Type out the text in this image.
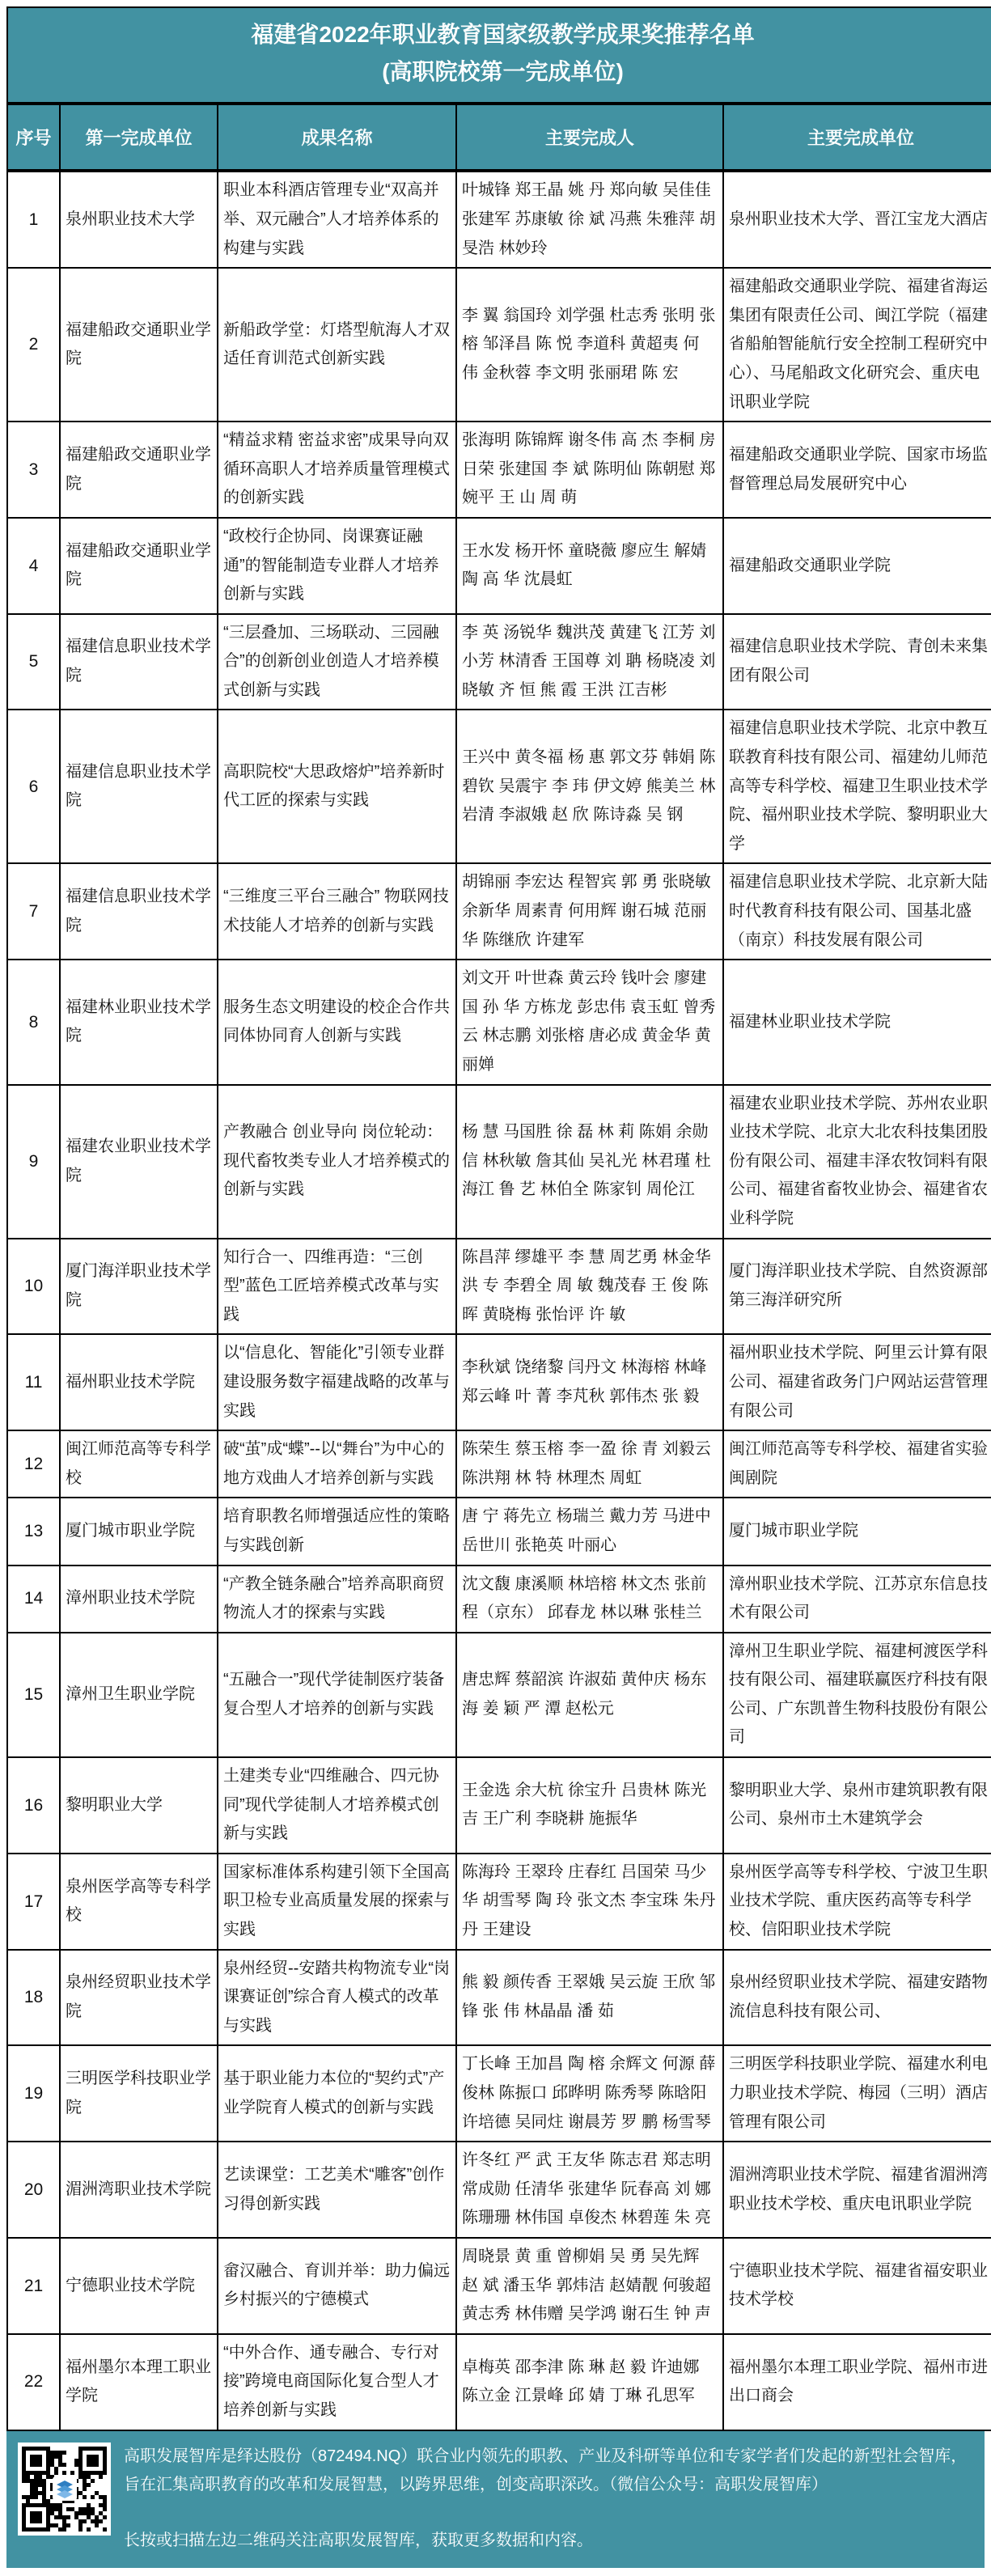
福建省2022年职业教育国家级教学成果奖推荐名单
(高职院校第一完成单位)				

序号	第一完成单位	成果名称	主要完成人	主要完成单位
1	泉州职业技术大学	职业本科酒店管理专业“双高并举、双元融合”人才培养体系的构建与实践	叶城锋 郑王晶 姚 丹 郑向敏 吴佳佳 张建军 苏康敏 徐 斌 冯燕 朱雅萍 胡旻浩 林妙玲	泉州职业技术大学、晋江宝龙大酒店
2	福建船政交通职业学院	新船政学堂：灯塔型航海人才双适任育训范式创新实践	李 翼 翁国玲 刘学强 杜志秀 张明 张 榕 邹泽昌 陈 悦 李道科 黄超夷 何 伟 金秋蓉 李文明 张丽珺 陈 宏	福建船政交通职业学院、福建省海运集团有限责任公司、闽江学院（福建省船舶智能航行安全控制工程研究中心）、马尾船政文化研究会、重庆电讯职业学院
3	福建船政交通职业学院	“精益求精 密益求密”成果导向双循环高职人才培养质量管理模式的创新实践	张海明 陈锦辉 谢冬伟 高 杰 李桐 房日荣 张建国 李 斌 陈明仙 陈朝慰 郑婉平 王 山 周 萌	福建船政交通职业学院、国家市场监督管理总局发展研究中心
4	福建船政交通职业学院	“政校行企协同、岗课赛证融通”的智能制造专业群人才培养创新与实践	王水发 杨开怀 童晓薇 廖应生 解婧陶 高 华 沈晨虹	福建船政交通职业学院
5	福建信息职业技术学院	“三层叠加、三场联动、三园融合”的创新创业创造人才培养模式创新与实践	李 英 汤锐华 魏洪茂 黄建飞 江芳 刘小芳 林清香 王国尊 刘 聃 杨晓凌 刘晓敏 齐 恒 熊 霞 王洪 江吉彬	福建信息职业技术学院、青创未来集团有限公司
6	福建信息职业技术学院	高职院校“大思政熔炉”培养新时代工匠的探索与实践	王兴中 黄冬福 杨 惠 郭文芬 韩娟 陈碧钦 吴震宇 李 玮 伊文婷 熊美兰 林岩清 李淑娥 赵 欣 陈诗淼 吴 钢	福建信息职业技术学院、北京中教互联教育科技有限公司、福建幼儿师范高等专科学校、福建卫生职业技术学院、福州职业技术学院、黎明职业大学
7	福建信息职业技术学院	“三维度三平台三融合” 物联网技术技能人才培养的创新与实践	胡锦丽 李宏达 程智宾 郭 勇 张晓敏 余新华 周素青 何用辉 谢石城 范丽华 陈继欣 许建军	福建信息职业技术学院、北京新大陆时代教育科技有限公司、国基北盛（南京）科技发展有限公司
8	福建林业职业技术学院	服务生态文明建设的校企合作共同体协同育人创新与实践	刘文开 叶世森 黄云玲 钱叶会 廖建国 孙 华 方栋龙 彭忠伟 袁玉虹 曾秀云 林志鹏 刘张榕 唐必成 黄金华 黄丽婵	福建林业职业技术学院
9	福建农业职业技术学院	产教融合 创业导向 岗位轮动：现代畜牧类专业人才培养模式的创新与实践	杨 慧 马国胜 徐 磊 林 莉 陈娟 余勋信 林秋敏 詹其仙 吴礼光 林君瑾 杜海江 鲁 艺 林伯全 陈家钊 周伦江	福建农业职业技术学院、苏州农业职业技术学院、北京大北农科技集团股份有限公司、福建丰泽农牧饲料有限公司、福建省畜牧业协会、福建省农业科学院
10	厦门海洋职业技术学院	知行合一、四维再造：“三创型”蓝色工匠培养模式改革与实践	陈昌萍 缪雄平 李 慧 周艺勇 林金华 洪 专 李碧全 周 敏 魏茂春 王 俊 陈 晖 黄晓梅 张怡评 许 敏	厦门海洋职业技术学院、自然资源部第三海洋研究所
11	福州职业技术学院	以“信息化、智能化”引领专业群建设服务数字福建战略的改革与实践	李秋斌 饶绪黎 闫丹文 林海榕 林峰 郑云峰 叶 菁 李芃秋 郭伟杰 张 毅	福州职业技术学院、阿里云计算有限公司、福建省政务门户网站运营管理有限公司
12	闽江师范高等专科学校	破“茧”成“蝶”--以“舞台”为中心的地方戏曲人才培养创新与实践	陈荣生 蔡玉榕 李一盈 徐 青 刘毅云 陈洪翔 林 特 林理杰 周虹	闽江师范高等专科学校、福建省实验闽剧院
13	厦门城市职业学院	培育职教名师增强适应性的策略与实践创新	唐 宁 蒋先立 杨瑞兰 戴力芳 马进中 岳世川 张艳英 叶丽心	厦门城市职业学院
14	漳州职业技术学院	“产教全链条融合”培养高职商贸物流人才的探索与实践	沈文馥 康溪顺 林培榕 林文杰 张前程（京东） 邱春龙 林以琳 张桂兰	漳州职业技术学院、江苏京东信息技术有限公司
15	漳州卫生职业学院	“五融合一”现代学徒制医疗装备复合型人才培养的创新与实践	唐忠辉 蔡韶滨 许淑茹 黄仲庆 杨东海 姜 颖 严 潭 赵松元	漳州卫生职业学院、福建柯渡医学科技有限公司、福建联赢医疗科技有限公司、广东凯普生物科技股份有限公司
16	黎明职业大学	土建类专业“四维融合、四元协同”现代学徒制人才培养模式创新与实践	王金选 余大杭 徐宝升 吕贵林 陈光吉 王广利 李晓耕 施振华	黎明职业大学、泉州市建筑职教有限公司、泉州市土木建筑学会
17	泉州医学高等专科学校	国家标准体系构建引领下全国高职卫检专业高质量发展的探索与实践	陈海玲 王翠玲 庄春红 吕国荣 马少华 胡雪琴 陶 玲 张文杰 李宝珠 朱丹丹 王建设	泉州医学高等专科学校、宁波卫生职业技术学院、重庆医药高等专科学校、信阳职业技术学院
18	泉州经贸职业技术学院	泉州经贸--安踏共构物流专业“岗课赛证创”综合育人模式的改革与实践	熊 毅 颜传香 王翠娥 吴云旋 王欣 邹 锋 张 伟 林晶晶 潘 茹	泉州经贸职业技术学院、福建安踏物流信息科技有限公司、
19	三明医学科技职业学院	基于职业能力本位的“契约式”产业学院育人模式的创新与实践	丁长峰 王加昌 陶 榕 余辉文 何源 薛俊林 陈振口 邱晔明 陈秀琴 陈晗阳 许培德 吴同炷 谢晨芳 罗 鹏 杨雪琴	三明医学科技职业学院、福建水利电力职业技术学院、梅园（三明）酒店管理有限公司
20	湄洲湾职业技术学院	艺读课堂：工艺美术“雕客”创作习得创新实践	许冬红 严 武 王友华 陈志君 郑志明 常成勋 任清华 张建华 阮春高 刘 娜 陈珊珊 林伟国 卓俊杰 林碧莲 朱 亮	湄洲湾职业技术学院、福建省湄洲湾职业技术学校、重庆电讯职业学院
21	宁德职业技术学院	畲汉融合、育训并举：助力偏远乡村振兴的宁德模式	周晓景 黄 重 曾柳娟 吴 勇 吴先辉 赵 斌 潘玉华 郭炜洁 赵婧靓 何骏超 黄志秀 林伟赠 吴学鸿 谢石生 钟 声	宁德职业技术学院、福建省福安职业技术学校
22	福州墨尔本理工职业学院	“中外合作、通专融合、专行对接”跨境电商国际化复合型人才培养创新与实践	卓梅英 邵李津 陈 琳 赵 毅 许迪娜 陈立金 江景峰 邱 婧 丁琳 孔思军	福州墨尔本理工职业学院、福州市进出口商会

高职发展智库是绎达股份（872494.NQ）联合业内领先的职教、产业及科研等单位和专家学者们发起的新型社会智库，旨在汇集高职教育的改革和发展智慧，以跨界思维，创变高职深改。（微信公众号：高职发展智库）

长按或扫描左边二维码关注高职发展智库，获取更多数据和内容。
